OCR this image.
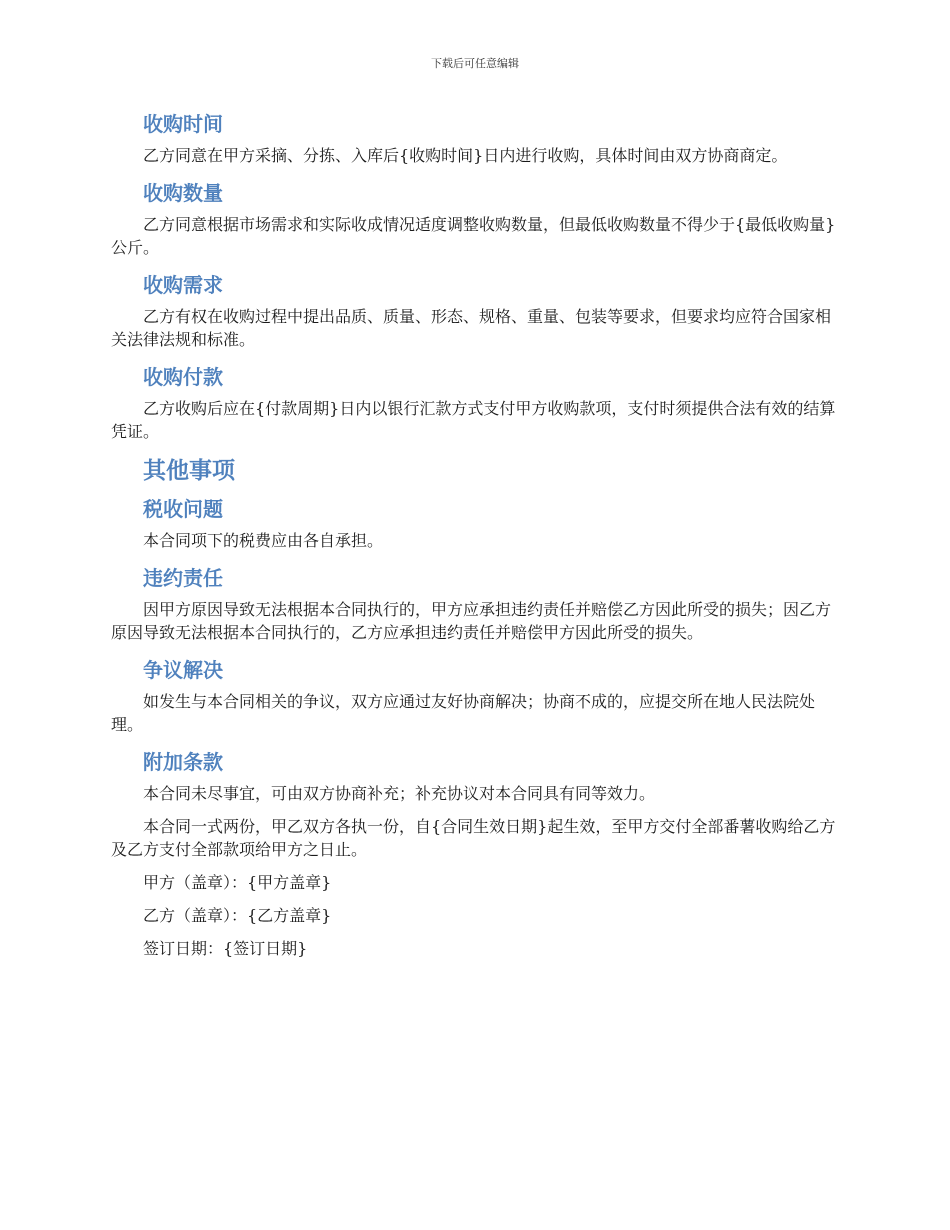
下载后可任意编辑
收购时间

乙方同意在甲方采摘、分拣、入库后{收购时间}日内进行收购，具体时间由双方协商商定。

收购数量

乙方同意根据市场需求和实际收成情况适度调整收购数量，但最低收购数量不得少于{最低收购量}公斤。

收购需求

乙方有权在收购过程中提出品质、质量、形态、规格、重量、包装等要求，但要求均应符合国家相关法律法规和标准。

收购付款

乙方收购后应在{付款周期}日内以银行汇款方式支付甲方收购款项，支付时须提供合法有效的结算凭证。

其他事项
税收问题

本合同项下的税费应由各自承担。

违约责任

因甲方原因导致无法根据本合同执行的，甲方应承担违约责任并赔偿乙方因此所受的损失；因乙方原因导致无法根据本合同执行的，乙方应承担违约责任并赔偿甲方因此所受的损失。

争议解决

如发生与本合同相关的争议，双方应通过友好协商解决；协商不成的，应提交所在地人民法院处理。

附加条款

本合同未尽事宜，可由双方协商补充；补充协议对本合同具有同等效力。

本合同一式两份，甲乙双方各执一份，自{合同生效日期}起生效，至甲方交付全部番薯收购给乙方及乙方支付全部款项给甲方之日止。

甲方（盖章）：{甲方盖章}

乙方（盖章）：{乙方盖章}

签订日期：{签订日期}
